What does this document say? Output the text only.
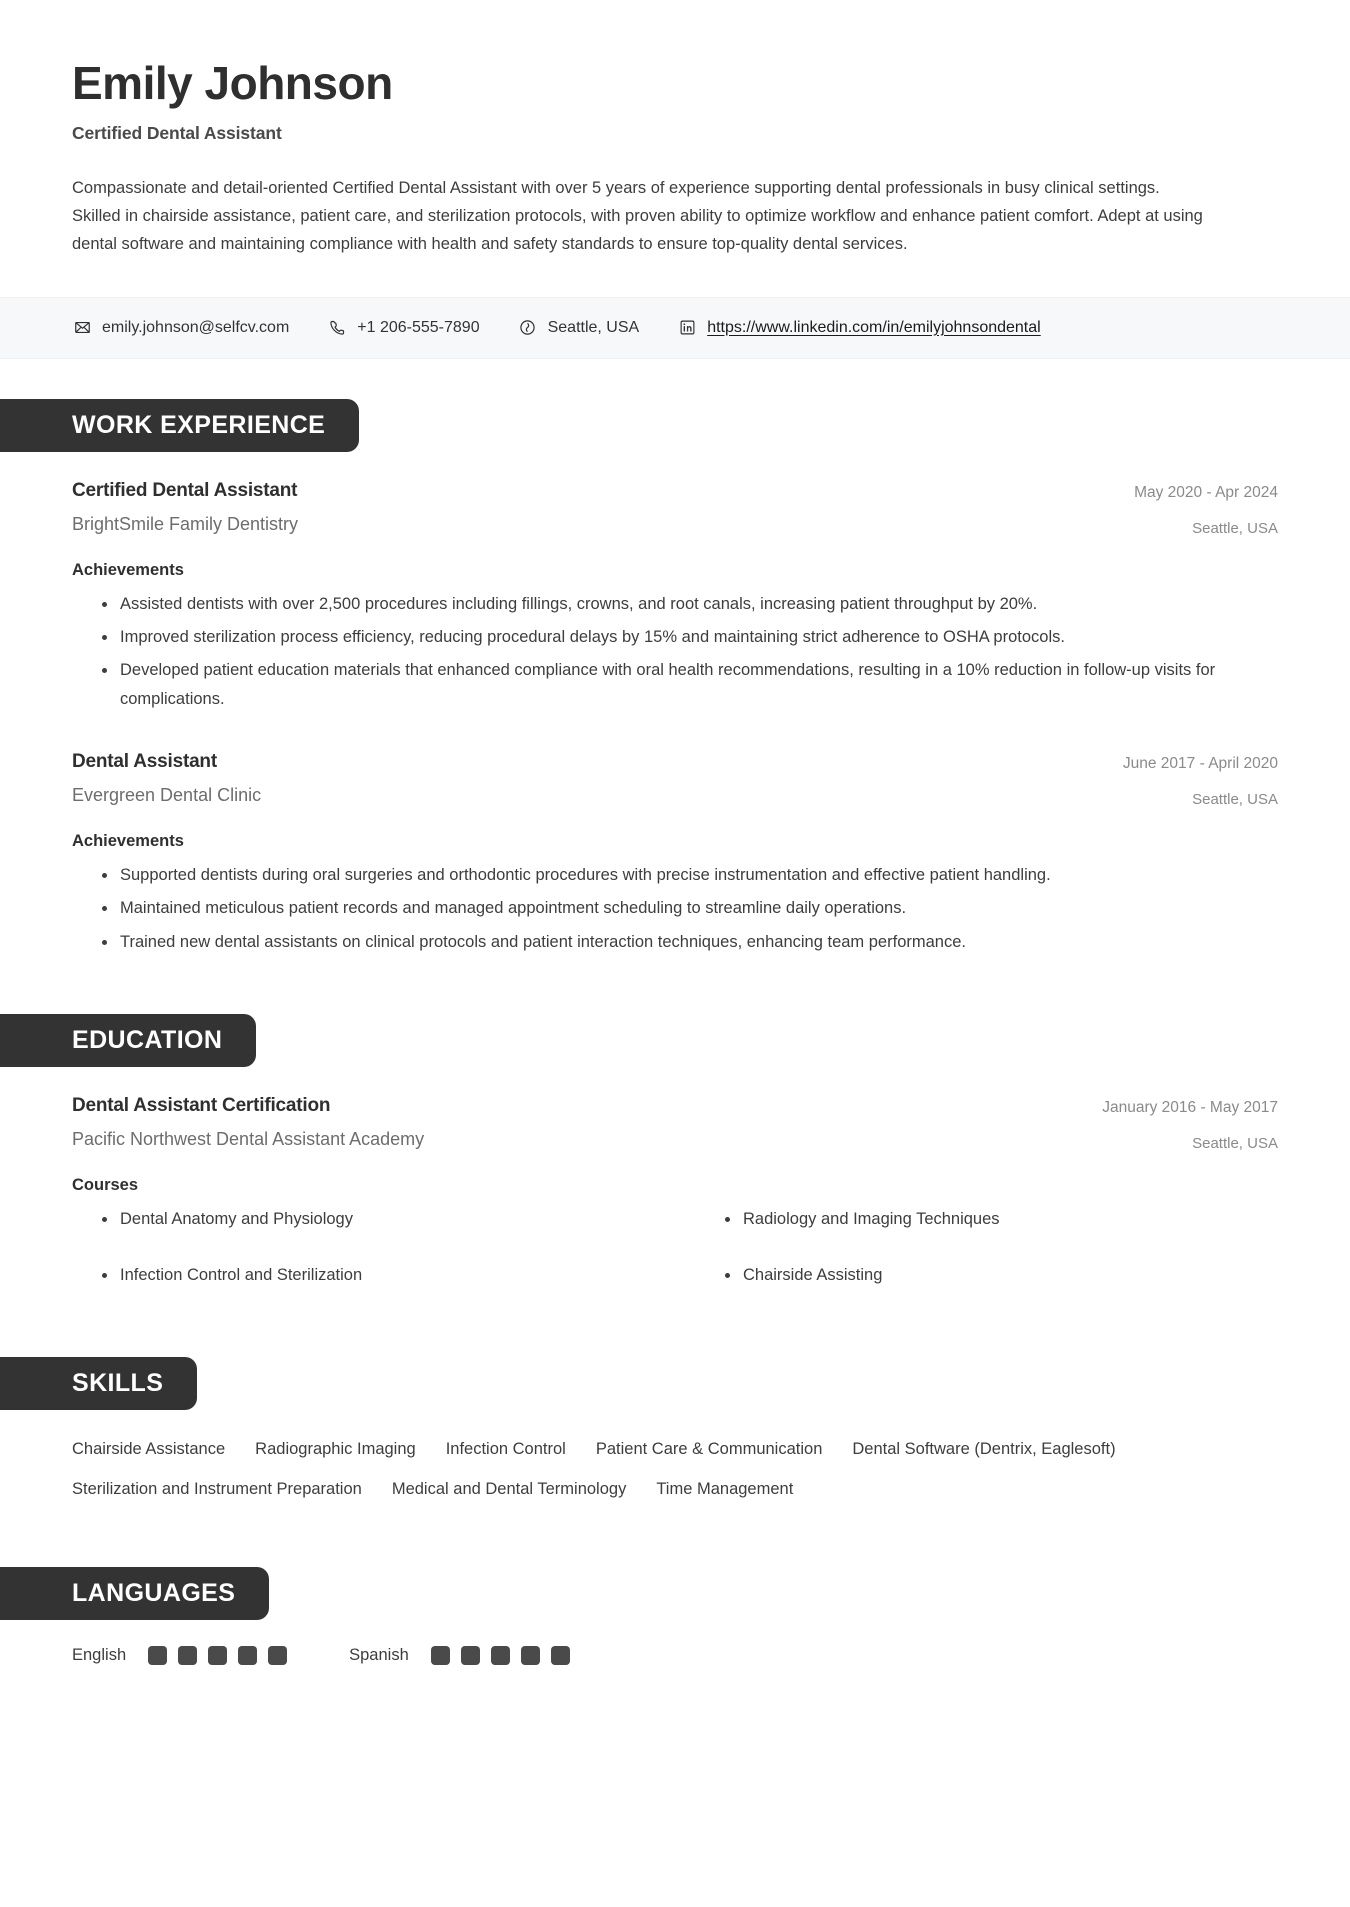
Emily Johnson
Certified Dental Assistant

Compassionate and detail-oriented Certified Dental Assistant with over 5 years of experience supporting dental professionals in busy clinical settings. Skilled in chairside assistance, patient care, and sterilization protocols, with proven ability to optimize workflow and enhance patient comfort. Adept at using dental software and maintaining compliance with health and safety standards to ensure top-quality dental services.

emily.johnson@selfcv.com	+1 206-555-7890	Seattle, USA	https://www.linkedin.com/in/emilyjohnsondental
WORK EXPERIENCE
Certified Dental Assistant
BrightSmile Family Dentistry
May 2020 - Apr 2024
Seattle, USA
Achievements
Assisted dentists with over 2,500 procedures including fillings, crowns, and root canals, increasing patient throughput by 20%.
Improved sterilization process efficiency, reducing procedural delays by 15% and maintaining strict adherence to OSHA protocols.
Developed patient education materials that enhanced compliance with oral health recommendations, resulting in a 10% reduction in follow-up visits for complications.
Dental Assistant
Evergreen Dental Clinic
June 2017 - April 2020
Seattle, USA
Achievements
Supported dentists during oral surgeries and orthodontic procedures with precise instrumentation and effective patient handling.
Maintained meticulous patient records and managed appointment scheduling to streamline daily operations.
Trained new dental assistants on clinical protocols and patient interaction techniques, enhancing team performance.
EDUCATION
Dental Assistant Certification
Pacific Northwest Dental Assistant Academy
January 2016 - May 2017
Seattle, USA
Courses
Dental Anatomy and Physiology	Radiology and Imaging Techniques
Infection Control and Sterilization	Chairside Assisting
SKILLS
Chairside Assistance Radiographic Imaging Infection Control Patient Care & Communication Dental Software (Dentrix, Eaglesoft)
Sterilization and Instrument Preparation Medical and Dental Terminology Time Management
LANGUAGES
English	Spanish
